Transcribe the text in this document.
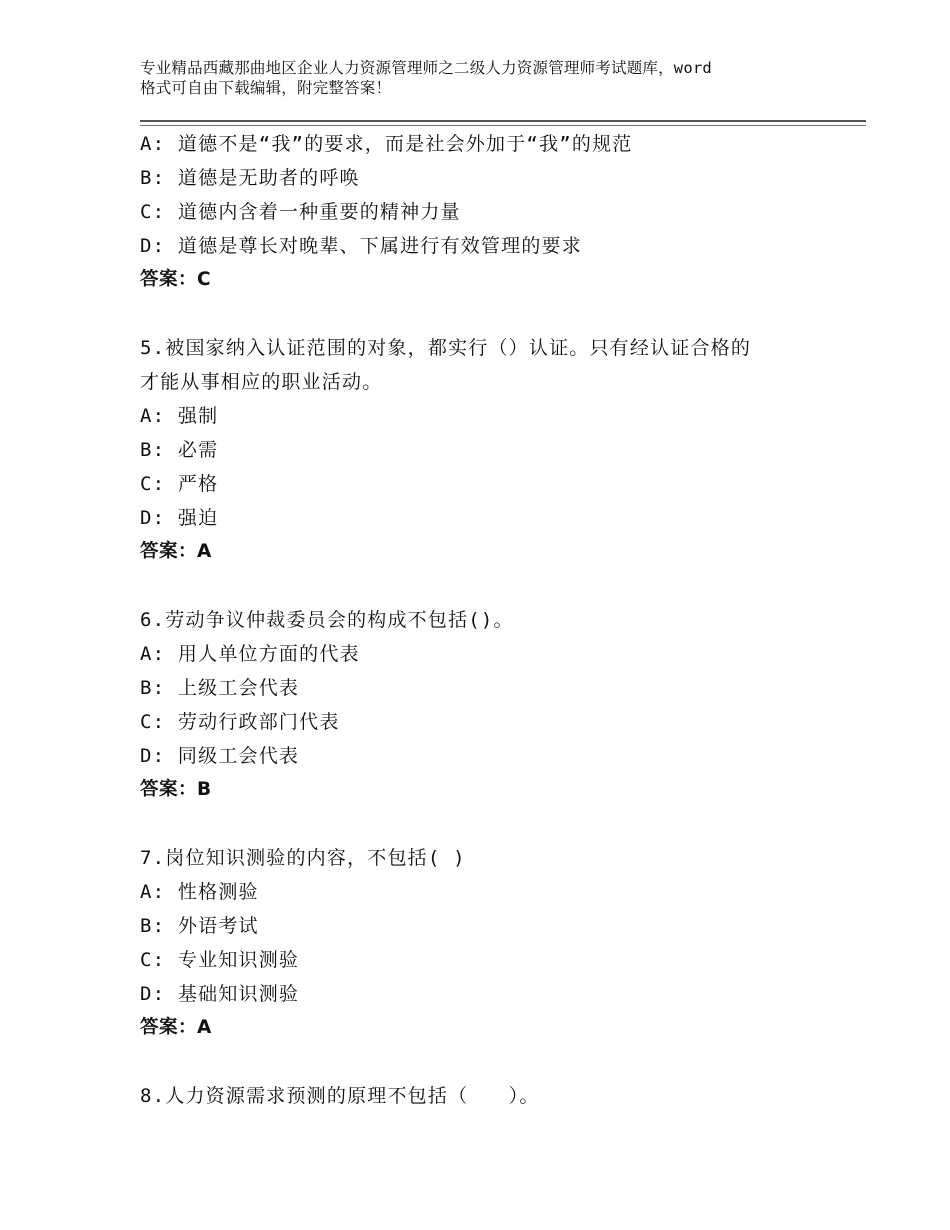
专业精品西藏那曲地区企业人力资源管理师之二级人力资源管理师考试题库，word
格式可自由下载编辑，附完整答案！
A: 道德不是“我”的要求，而是社会外加于“我”的规范
B: 道德是无助者的呼唤
C: 道德内含着一种重要的精神力量
D: 道德是尊长对晚辈、下属进行有效管理的要求
答案：C
5.被国家纳入认证范围的对象，都实行（）认证。只有经认证合格的
才能从事相应的职业活动。
A: 强制
B: 必需
C: 严格
D: 强迫
答案：A
6.劳动争议仲裁委员会的构成不包括()。
A: 用人单位方面的代表
B: 上级工会代表
C: 劳动行政部门代表
D: 同级工会代表
答案：B
7.岗位知识测验的内容，不包括( )
A: 性格测验
B: 外语考试
C: 专业知识测验
D: 基础知识测验
答案：A
8.人力资源需求预测的原理不包括（　　）。
